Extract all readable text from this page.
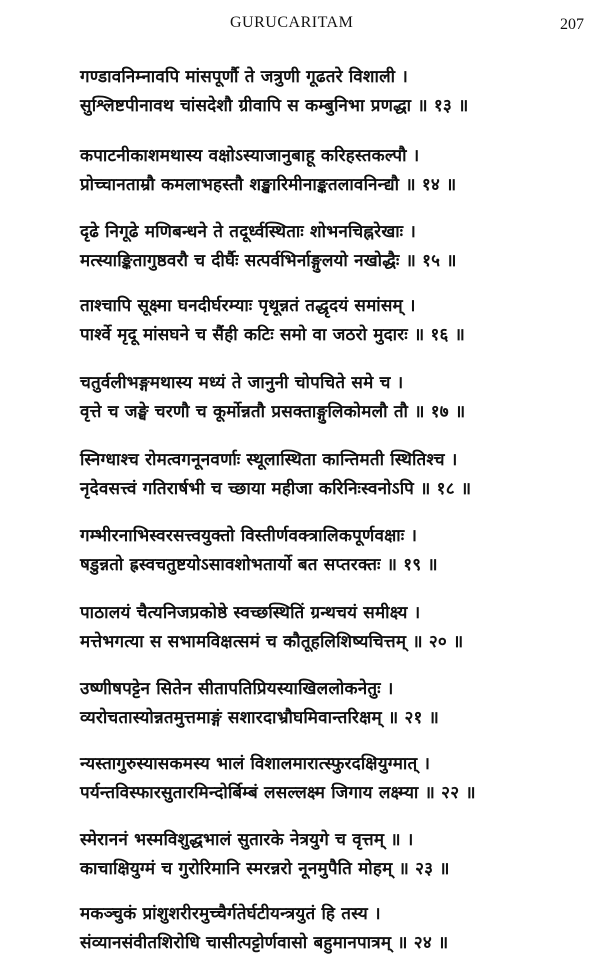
GURUCARITAM	207
गण्डावनिम्नावपि मांसपूर्णौ ते जत्रुणी गूढतरे विशाली ।
सुश्लिष्टपीनावथ चांसदेशौ ग्रीवापि स कम्बुनिभा प्रणद्धा ॥ १३ ॥
कपाटनीकाशमथास्य वक्षोऽस्याजानुबाहू करिहस्तकल्पौ ।
प्रोच्चानताम्रौ कमलाभहस्तौ शङ्खारिमीनाङ्कतलावनिन्द्यौ ॥ १४ ॥
दृढे निगूढे मणिबन्धने ते तदूर्ध्वस्थिताः शोभनचिह्नरेखाः ।
मत्स्याङ्कितागुष्ठवरौ च दीर्घैः सत्पर्वभिर्नाङ्गुलयो नखोद्धैः ॥ १५ ॥
ताश्चापि सूक्ष्मा घनदीर्घरम्याः पृथून्नतं तद्धृदयं समांसम् ।
पार्श्वे मृदू मांसघने च सैंही कटिः समो वा जठरो मुदारः ॥ १६ ॥
चतुर्वलीभङ्गमथास्य मध्यं ते जानुनी चोपचिते समे च ।
वृत्ते च जङ्घे चरणौ च कूर्मोन्नतौ प्रसक्ताङ्गुलिकोमलौ तौ ॥ १७ ॥
स्निग्धाश्च रोमत्वगनूनवर्णाः स्थूलास्थिता कान्तिमती स्थितिश्च ।
नृदेवसत्त्वं गतिरार्षभी च च्छाया महीजा करिनिःस्वनोऽपि ॥ १८ ॥
गम्भीरनाभिस्वरसत्त्वयुक्तो विस्तीर्णवक्त्रालिकपूर्णवक्षाः ।
षडुन्नतो ह्रस्वचतुष्टयोऽसावशोभतार्यो बत सप्तरक्तः ॥ १९ ॥
पाठालयं चैत्यनिजप्रकोष्ठे स्वच्छस्थितिं ग्रन्थचयं समीक्ष्य ।
मत्तेभगत्या स सभामविक्षत्समं च कौतूहलिशिष्यचित्तम् ॥ २० ॥
उष्णीषपट्टेन सितेन सीतापतिप्रियस्याखिललोकनेतुः ।
व्यरोचतास्योन्नतमुत्तमाङ्गं सशारदाभ्रौघमिवान्तरिक्षम् ॥ २१ ॥
न्यस्तागुरुस्यासकमस्य भालं विशालमारात्स्फुरदक्षियुग्मात् ।
पर्यन्तविस्फारसुतारमिन्दोर्बिम्बं लसल्लक्ष्म जिगाय लक्ष्म्या ॥ २२ ॥
स्मेराननं भस्मविशुद्धभालं सुतारके नेत्रयुगे च वृत्तम् ॥ ।
काचाक्षियुग्मं च गुरोरिमानि स्मरन्नरो नूनमुपैति मोहम् ॥ २३ ॥
मकञ्चुकं प्रांशुशरीरमुच्चैर्गतेर्घटीयन्त्रयुतं हि तस्य ।
संव्यानसंवीतशिरोधि चासीत्पट्टोर्णवासो बहुमानपात्रम् ॥ २४ ॥
